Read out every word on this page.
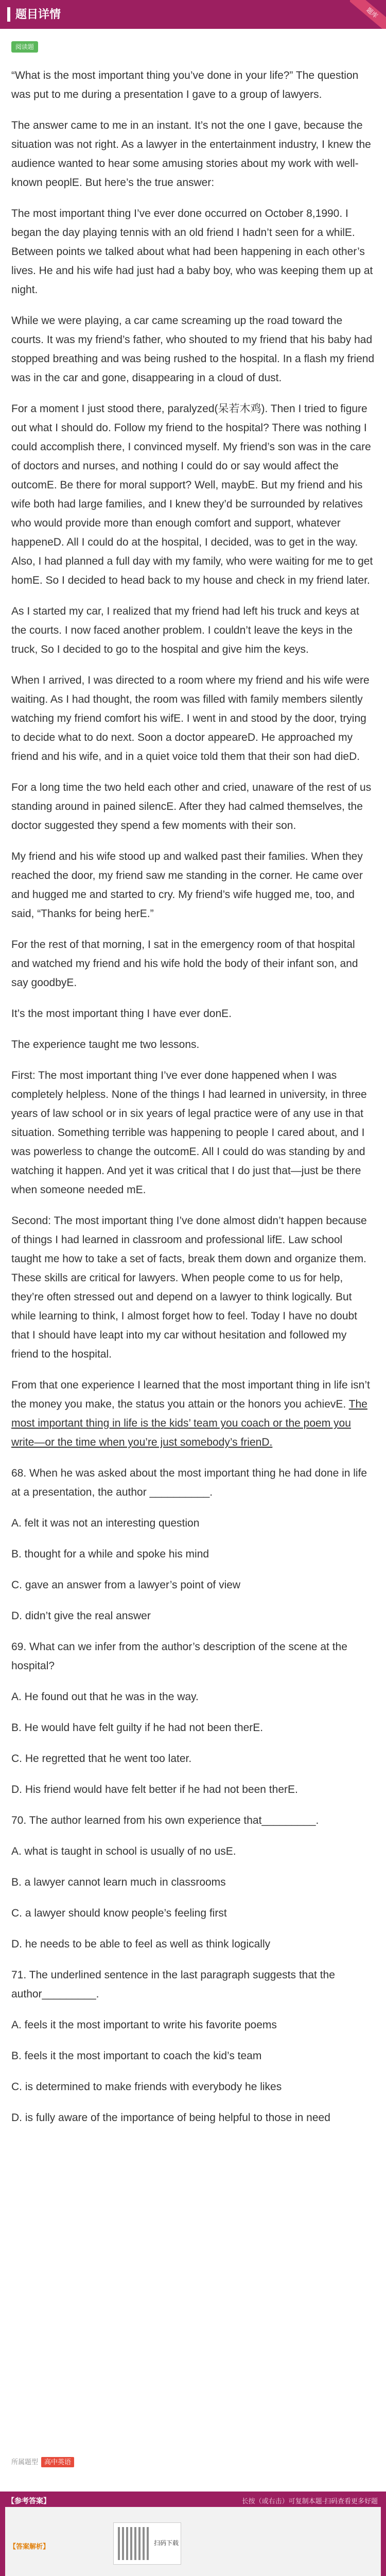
题目详情	题库
阅读题

“What is the most important thing you’ve done in your life?” The question was put to me during a presentation I gave to a group of lawyers.

The answer came to me in an instant. It’s not the one I gave, because the situation was not right. As a lawyer in the entertainment industry, I knew the audience wanted to hear some amusing stories about my work with well-known peoplE. But here’s the true answer:

The most important thing I’ve ever done occurred on October 8,1990. I began the day playing tennis with an old friend I hadn’t seen for a whilE. Between points we talked about what had been happening in each other’s lives. He and his wife had just had a baby boy, who was keeping them up at night.

While we were playing, a car came screaming up the road toward the courts. It was my friend’s father, who shouted to my friend that his baby had stopped breathing and was being rushed to the hospital. In a flash my friend was in the car and gone, disappearing in a cloud of dust.

For a moment I just stood there, paralyzed(呆若木鸡). Then I tried to figure out what I should do. Follow my friend to the hospital? There was nothing I could accomplish there, I convinced myself. My friend’s son was in the care of doctors and nurses, and nothing I could do or say would affect the outcomE. Be there for moral support? Well, maybE. But my friend and his wife both had large families, and I knew they’d be surrounded by relatives who would provide more than enough comfort and support, whatever happeneD. All I could do at the hospital, I decided, was to get in the way. Also, I had planned a full day with my family, who were waiting for me to get homE. So I decided to head back to my house and check in my friend later.

As I started my car, I realized that my friend had left his truck and keys at the courts. I now faced another problem. I couldn’t leave the keys in the truck, So I decided to go to the hospital and give him the keys.

When I arrived, I was directed to a room where my friend and his wife were waiting. As I had thought, the room was filled with family members silently watching my friend comfort his wifE. I went in and stood by the door, trying to decide what to do next. Soon a doctor appeareD. He approached my friend and his wife, and in a quiet voice told them that their son had dieD.

For a long time the two held each other and cried, unaware of the rest of us standing around in pained silencE. After they had calmed themselves, the doctor suggested they spend a few moments with their son.

My friend and his wife stood up and walked past their families. When they reached the door, my friend saw me standing in the corner. He came over and hugged me and started to cry. My friend’s wife hugged me, too, and said, “Thanks for being herE.”

For the rest of that morning, I sat in the emergency room of that hospital and watched my friend and his wife hold the body of their infant son, and say goodbyE.

It’s the most important thing I have ever donE.

The experience taught me two lessons.

First: The most important thing I’ve ever done happened when I was completely helpless. None of the things I had learned in university, in three years of law school or in six years of legal practice were of any use in that situation. Something terrible was happening to people I cared about, and I was powerless to change the outcomE. All I could do was standing by and watching it happen. And yet it was critical that I do just that—just be there when someone needed mE.

Second: The most important thing I’ve done almost didn’t happen because of things I had learned in classroom and professional lifE. Law school taught me how to take a set of facts, break them down and organize them. These skills are critical for lawyers. When people come to us for help, they’re often stressed out and depend on a lawyer to think logically. But while learning to think, I almost forget how to feel. Today I have no doubt that I should have leapt into my car without hesitation and followed my friend to the hospital.

From that one experience I learned that the most important thing in life isn’t the money you make, the status you attain or the honors you achievE. The most important thing in life is the kids’ team you coach or the poem you write—or the time when you’re just somebody’s frienD.

68. When he was asked about the most important thing he had done in life at a presentation, the author __________.

A. felt it was not an interesting question

B. thought for a while and spoke his mind

C. gave an answer from a lawyer’s point of view

D. didn’t give the real answer

69. What can we infer from the author’s description of the scene at the hospital?

A. He found out that he was in the way.

B. He would have felt guilty if he had not been therE.

C. He regretted that he went too later.

D. His friend would have felt better if he had not been therE.

70. The author learned from his own experience that_________.

A. what is taught in school is usually of no usE.

B. a lawyer cannot learn much in classrooms

C. a lawyer should know people’s feeling first

D. he needs to be able to feel as well as think logically

71. The underlined sentence in the last paragraph suggests that the author_________.

A. feels it the most important to write his favorite poems

B. feels it the most important to coach the kid’s team

C. is determined to make friends with everybody he likes

D. is fully aware of the importance of being helpful to those in need

所属题型 高中英语
【参考答案】	长按（或右击）可复制本题·扫码查看更多好题
【答案解析】	扫码下载
